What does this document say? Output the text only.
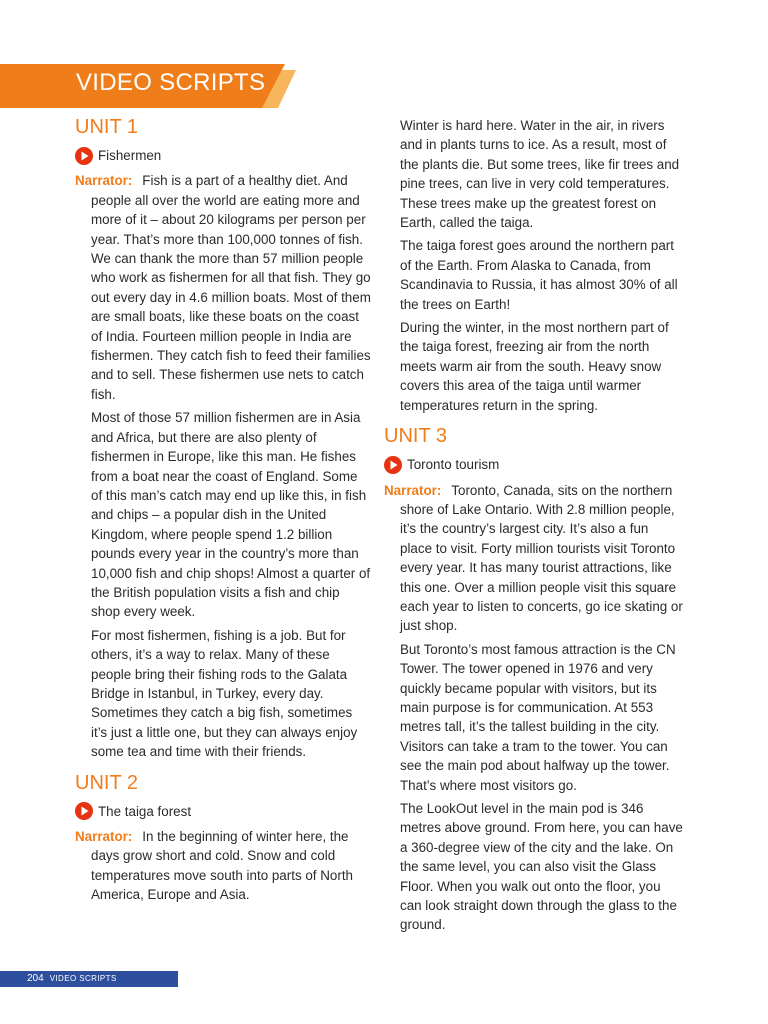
VIDEO SCRIPTS
UNIT 1
Fishermen

Narrator: Fish is a part of a healthy diet. And people all over the world are eating more and more of it – about 20 kilograms per person per year. That’s more than 100,000 tonnes of fish. We can thank the more than 57 million people who work as fishermen for all that fish. They go out every day in 4.6 million boats. Most of them are small boats, like these boats on the coast of India. Fourteen million people in India are fishermen. They catch fish to feed their families and to sell. These fishermen use nets to catch fish.

Most of those 57 million fishermen are in Asia and Africa, but there are also plenty of fishermen in Europe, like this man. He fishes from a boat near the coast of England. Some of this man’s catch may end up like this, in fish and chips – a popular dish in the United Kingdom, where people spend 1.2 billion pounds every year in the country’s more than 10,000 fish and chip shops! Almost a quarter of the British population visits a fish and chip shop every week.

For most fishermen, fishing is a job. But for others, it’s a way to relax. Many of these people bring their fishing rods to the Galata Bridge in Istanbul, in Turkey, every day. Sometimes they catch a big fish, sometimes it’s just a little one, but they can always enjoy some tea and time with their friends.

UNIT 2
The taiga forest

Narrator: In the beginning of winter here, the days grow short and cold. Snow and cold temperatures move south into parts of North America, Europe and Asia.

Winter is hard here. Water in the air, in rivers and in plants turns to ice. As a result, most of the plants die. But some trees, like fir trees and pine trees, can live in very cold temperatures. These trees make up the greatest forest on Earth, called the taiga.

The taiga forest goes around the northern part of the Earth. From Alaska to Canada, from Scandinavia to Russia, it has almost 30% of all the trees on Earth!

During the winter, in the most northern part of the taiga forest, freezing air from the north meets warm air from the south. Heavy snow covers this area of the taiga until warmer temperatures return in the spring.

UNIT 3
Toronto tourism

Narrator: Toronto, Canada, sits on the northern shore of Lake Ontario. With 2.8 million people, it’s the country’s largest city. It’s also a fun place to visit. Forty million tourists visit Toronto every year. It has many tourist attractions, like this one. Over a million people visit this square each year to listen to concerts, go ice skating or just shop.

But Toronto’s most famous attraction is the CN Tower. The tower opened in 1976 and very quickly became popular with visitors, but its main purpose is for communication. At 553 metres tall, it’s the tallest building in the city. Visitors can take a tram to the tower. You can see the main pod about halfway up the tower. That’s where most visitors go.

The LookOut level in the main pod is 346 metres above ground. From here, you can have a 360-degree view of the city and the lake. On the same level, you can also visit the Glass Floor. When you walk out onto the floor, you can look straight down through the glass to the ground.

204 VIDEO SCRIPTS
